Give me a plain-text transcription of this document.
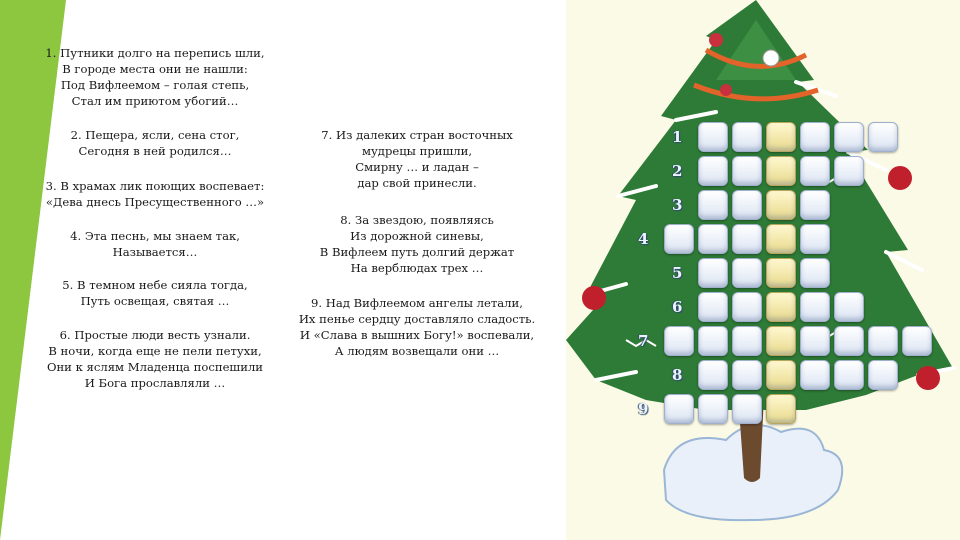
1. Путники долго на перепись шли,
В городе места они не нашли:
Под Вифлеемом – голая степь,
Стал им приютом убогий…
2. Пещера, ясли, сена стог,
Сегодня в ней родился…
3. В храмах лик поющих воспевает:
«Дева днесь Пресущественного …»
4. Эта песнь, мы знаем так,
Называется…
5. В темном небе сияла тогда,
Путь освещая, святая …
6. Простые люди весть узнали.
В ночи, когда еще не пели петухи,
Они к яслям Младенца поспешили
И Бога прославляли …
7. Из далеких стран восточных
мудрецы пришли,
Смирну … и ладан –
дар свой принесли.
8. За звездою, появляясь
Из дорожной синевы,
В Вифлеем путь долгий держат
На верблюдах трех …
9. Над Вифлеемом ангелы летали,
Их пенье сердцу доставляло сладость.
И «Слава в вышних Богу!» воспевали,
А людям возвещали они …
1
2
3
4
5
6
7
8
9
